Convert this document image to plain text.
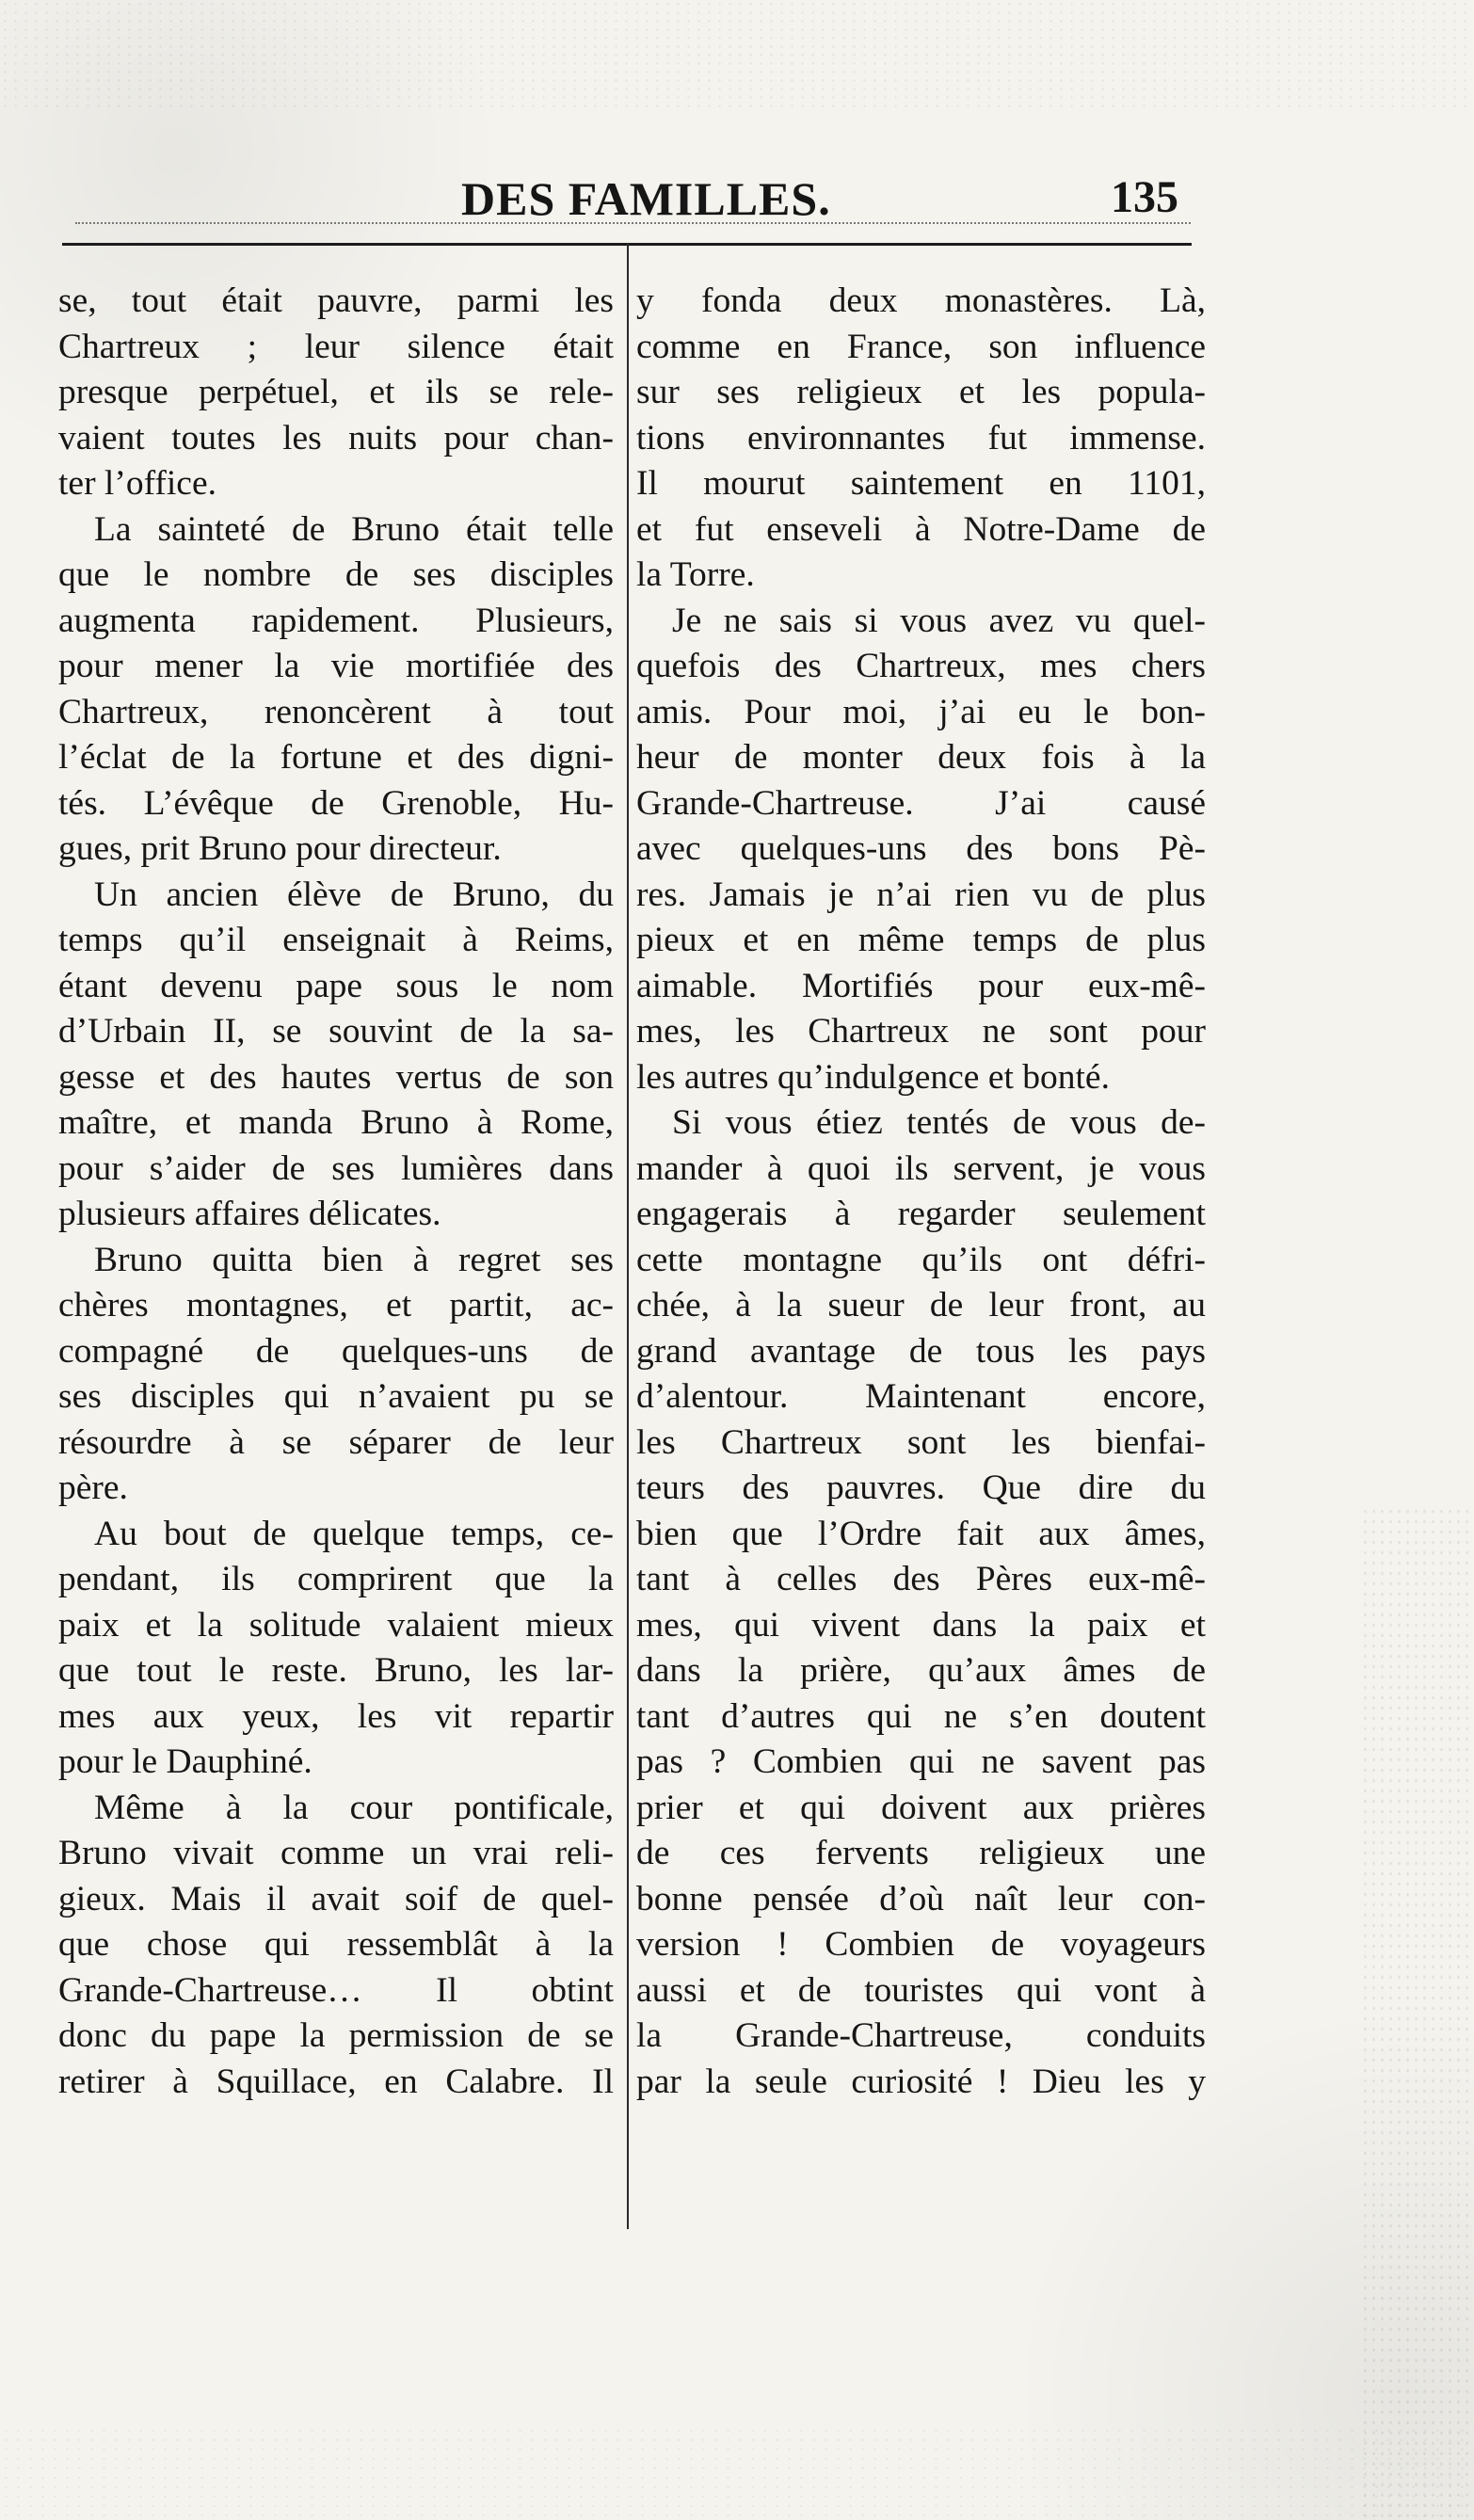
DES FAMILLES.	135
se, tout était pauvre, parmi les
Chartreux ; leur silence était
presque perpétuel, et ils se rele-
vaient toutes les nuits pour chan-
ter l’office.
La sainteté de Bruno était telle
que le nombre de ses disciples
augmenta rapidement. Plusieurs,
pour mener la vie mortifiée des
Chartreux, renoncèrent à tout
l’éclat de la fortune et des digni-
tés. L’évêque de Grenoble, Hu-
gues, prit Bruno pour directeur.
Un ancien élève de Bruno, du
temps qu’il enseignait à Reims,
étant devenu pape sous le nom
d’Urbain II, se souvint de la sa-
gesse et des hautes vertus de son
maître, et manda Bruno à Rome,
pour s’aider de ses lumières dans
plusieurs affaires délicates.
Bruno quitta bien à regret ses
chères montagnes, et partit, ac-
compagné de quelques-uns de
ses disciples qui n’avaient pu se
résourdre à se séparer de leur
père.
Au bout de quelque temps, ce-
pendant, ils comprirent que la
paix et la solitude valaient mieux
que tout le reste. Bruno, les lar-
mes aux yeux, les vit repartir
pour le Dauphiné.
Même à la cour pontificale,
Bruno vivait comme un vrai reli-
gieux. Mais il avait soif de quel-
que chose qui ressemblât à la
Grande-Chartreuse… Il obtint
donc du pape la permission de se
retirer à Squillace, en Calabre. Il
y fonda deux monastères. Là,
comme en France, son influence
sur ses religieux et les popula-
tions environnantes fut immense.
Il mourut saintement en 1101,
et fut enseveli à Notre-Dame de
la Torre.
Je ne sais si vous avez vu quel-
quefois des Chartreux, mes chers
amis. Pour moi, j’ai eu le bon-
heur de monter deux fois à la
Grande-Chartreuse. J’ai causé
avec quelques-uns des bons Pè-
res. Jamais je n’ai rien vu de plus
pieux et en même temps de plus
aimable. Mortifiés pour eux-mê-
mes, les Chartreux ne sont pour
les autres qu’indulgence et bonté.
Si vous étiez tentés de vous de-
mander à quoi ils servent, je vous
engagerais à regarder seulement
cette montagne qu’ils ont défri-
chée, à la sueur de leur front, au
grand avantage de tous les pays
d’alentour. Maintenant encore,
les Chartreux sont les bienfai-
teurs des pauvres. Que dire du
bien que l’Ordre fait aux âmes,
tant à celles des Pères eux-mê-
mes, qui vivent dans la paix et
dans la prière, qu’aux âmes de
tant d’autres qui ne s’en doutent
pas ? Combien qui ne savent pas
prier et qui doivent aux prières
de ces fervents religieux une
bonne pensée d’où naît leur con-
version ! Combien de voyageurs
aussi et de touristes qui vont à
la Grande-Chartreuse, conduits
par la seule curiosité ! Dieu les y
